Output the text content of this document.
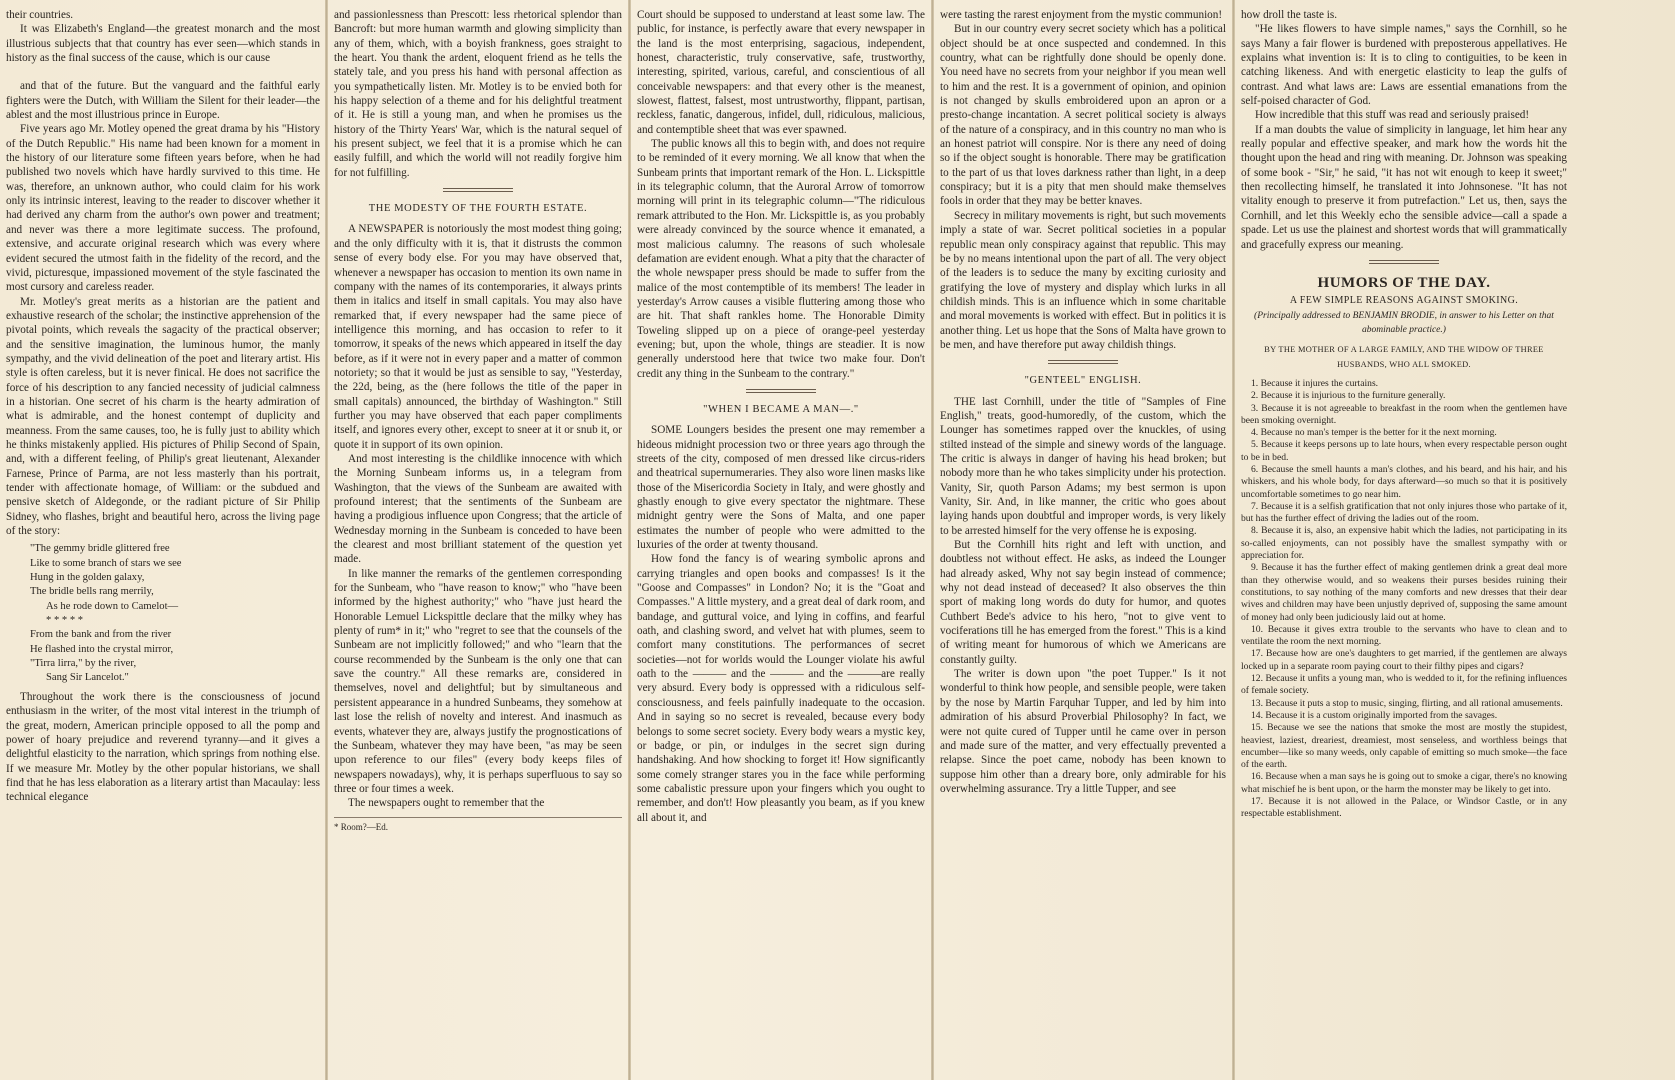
their countries.

It was Elizabeth's England—the greatest monarch and the most illustrious subjects that that country has ever seen—which stands in history as the final success of the cause, which is our cause

and that of the future. But the vanguard and the faithful early fighters were the Dutch, with William the Silent for their leader—the ablest and the most illustrious prince in Europe.

Five years ago Mr. Motley opened the great drama by his "History of the Dutch Republic." His name had been known for a moment in the history of our literature some fifteen years before, when he had published two novels which have hardly survived to this time. He was, therefore, an unknown author, who could claim for his work only its intrinsic interest, leaving to the reader to discover whether it had derived any charm from the author's own power and treatment; and never was there a more legitimate success. The profound, extensive, and accurate original research which was every where evident secured the utmost faith in the fidelity of the record, and the vivid, picturesque, impassioned movement of the style fascinated the most cursory and careless reader.

Mr. Motley's great merits as a historian are the patient and exhaustive research of the scholar; the instinctive apprehension of the pivotal points, which reveals the sagacity of the practical observer; and the sensitive imagination, the luminous humor, the manly sympathy, and the vivid delineation of the poet and literary artist. His style is often careless, but it is never finical. He does not sacrifice the force of his description to any fancied necessity of judicial calmness in a historian. One secret of his charm is the hearty admiration of what is admirable, and the honest contempt of duplicity and meanness. From the same causes, too, he is fully just to ability which he thinks mistakenly applied. His pictures of Philip Second of Spain, and, with a different feeling, of Philip's great lieutenant, Alexander Farnese, Prince of Parma, are not less masterly than his portrait, tender with affectionate homage, of William: or the subdued and pensive sketch of Aldegonde, or the radiant picture of Sir Philip Sidney, who flashes, bright and beautiful hero, across the living page of the story:

"The gemmy bridle glittered free
Like to some branch of stars we see
Hung in the golden galaxy,
The bridle bells rang merrily,
As he rode down to Camelot—
* * * * *
From the bank and from the river
He flashed into the crystal mirror,
"Tirra lirra," by the river,
Sang Sir Lancelot."

Throughout the work there is the consciousness of jocund enthusiasm in the writer, of the most vital interest in the triumph of the great, modern, American principle opposed to all the pomp and power of hoary prejudice and reverend tyranny—and it gives a delightful elasticity to the narration, which springs from nothing else. If we measure Mr. Motley by the other popular historians, we shall find that he has less elaboration as a literary artist than Macaulay: less technical elegance

and passionlessness than Prescott: less rhetorical splendor than Bancroft: but more human warmth and glowing simplicity than any of them, which, with a boyish frankness, goes straight to the heart. You thank the ardent, eloquent friend as he tells the stately tale, and you press his hand with personal affection as you sympathetically listen. Mr. Motley is to be envied both for his happy selection of a theme and for his delightful treatment of it. He is still a young man, and when he promises us the history of the Thirty Years' War, which is the natural sequel of his present subject, we feel that it is a promise which he can easily fulfill, and which the world will not readily forgive him for not fulfilling.

THE MODESTY OF THE FOURTH ESTATE.

A NEWSPAPER is notoriously the most modest thing going; and the only difficulty with it is, that it distrusts the common sense of every body else. For you may have observed that, whenever a newspaper has occasion to mention its own name in company with the names of its contemporaries, it always prints them in italics and itself in small capitals. You may also have remarked that, if every newspaper had the same piece of intelligence this morning, and has occasion to refer to it tomorrow, it speaks of the news which appeared in itself the day before, as if it were not in every paper and a matter of common notoriety; so that it would be just as sensible to say, "Yesterday, the 22d, being, as the (here follows the title of the paper in small capitals) announced, the birthday of Washington." Still further you may have observed that each paper compliments itself, and ignores every other, except to sneer at it or snub it, or quote it in support of its own opinion.

And most interesting is the childlike innocence with which the Morning Sunbeam informs us, in a telegram from Washington, that the views of the Sunbeam are awaited with profound interest; that the sentiments of the Sunbeam are having a prodigious influence upon Congress; that the article of Wednesday morning in the Sunbeam is conceded to have been the clearest and most brilliant statement of the question yet made.

In like manner the remarks of the gentlemen corresponding for the Sunbeam, who "have reason to know;" who "have been informed by the highest authority;" who "have just heard the Honorable Lemuel Lickspittle declare that the milky whey has plenty of rum* in it;" who "regret to see that the counsels of the Sunbeam are not implicitly followed;" and who "learn that the course recommended by the Sunbeam is the only one that can save the country." All these remarks are, considered in themselves, novel and delightful; but by simultaneous and persistent appearance in a hundred Sunbeams, they somehow at last lose the relish of novelty and interest. And inasmuch as events, whatever they are, always justify the prognostications of the Sunbeam, whatever they may have been, "as may be seen upon reference to our files" (every body keeps files of newspapers nowadays), why, it is perhaps superfluous to say so three or four times a week.

The newspapers ought to remember that the

* Room?—Ed.

Court should be supposed to understand at least some law. The public, for instance, is perfectly aware that every newspaper in the land is the most enterprising, sagacious, independent, honest, characteristic, truly conservative, safe, trustworthy, interesting, spirited, various, careful, and conscientious of all conceivable newspapers: and that every other is the meanest, slowest, flattest, falsest, most untrustworthy, flippant, partisan, reckless, fanatic, dangerous, infidel, dull, ridiculous, malicious, and contemptible sheet that was ever spawned.

The public knows all this to begin with, and does not require to be reminded of it every morning. We all know that when the Sunbeam prints that important remark of the Hon. L. Lickspittle in its telegraphic column, that the Auroral Arrow of tomorrow morning will print in its telegraphic column—"The ridiculous remark attributed to the Hon. Mr. Lickspittle is, as you probably were already convinced by the source whence it emanated, a most malicious calumny. The reasons of such wholesale defamation are evident enough. What a pity that the character of the whole newspaper press should be made to suffer from the malice of the most contemptible of its members! The leader in yesterday's Arrow causes a visible fluttering among those who are hit. That shaft rankles home. The Honorable Dimity Toweling slipped up on a piece of orange-peel yesterday evening; but, upon the whole, things are steadier. It is now generally understood here that twice two make four. Don't credit any thing in the Sunbeam to the contrary."

"WHEN I BECAME A MAN—."

SOME Loungers besides the present one may remember a hideous midnight procession two or three years ago through the streets of the city, composed of men dressed like circus-riders and theatrical supernumeraries. They also wore linen masks like those of the Misericordia Society in Italy, and were ghostly and ghastly enough to give every spectator the nightmare. These midnight gentry were the Sons of Malta, and one paper estimates the number of people who were admitted to the luxuries of the order at twenty thousand.

How fond the fancy is of wearing symbolic aprons and carrying triangles and open books and compasses! Is it the "Goose and Compasses" in London? No; it is the "Goat and Compasses." A little mystery, and a great deal of dark room, and bandage, and guttural voice, and lying in coffins, and fearful oath, and clashing sword, and velvet hat with plumes, seem to comfort many constitutions. The performances of secret societies—not for worlds would the Lounger violate his awful oath to the ——— and the ——— and the ———are really very absurd. Every body is oppressed with a ridiculous self-consciousness, and feels painfully inadequate to the occasion. And in saying so no secret is revealed, because every body belongs to some secret society. Every body wears a mystic key, or badge, or pin, or indulges in the secret sign during handshaking. And how shocking to forget it! How significantly some comely stranger stares you in the face while performing some cabalistic pressure upon your fingers which you ought to remember, and don't! How pleasantly you beam, as if you knew all about it, and

were tasting the rarest enjoyment from the mystic communion!

But in our country every secret society which has a political object should be at once suspected and condemned. In this country, what can be rightfully done should be openly done. You need have no secrets from your neighbor if you mean well to him and the rest. It is a government of opinion, and opinion is not changed by skulls embroidered upon an apron or a presto-change incantation. A secret political society is always of the nature of a conspiracy, and in this country no man who is an honest patriot will conspire. Nor is there any need of doing so if the object sought is honorable. There may be gratification to the part of us that loves darkness rather than light, in a deep conspiracy; but it is a pity that men should make themselves fools in order that they may be better knaves.

Secrecy in military movements is right, but such movements imply a state of war. Secret political societies in a popular republic mean only conspiracy against that republic. This may be by no means intentional upon the part of all. The very object of the leaders is to seduce the many by exciting curiosity and gratifying the love of mystery and display which lurks in all childish minds. This is an influence which in some charitable and moral movements is worked with effect. But in politics it is another thing. Let us hope that the Sons of Malta have grown to be men, and have therefore put away childish things.

"GENTEEL" ENGLISH.

THE last Cornhill, under the title of "Samples of Fine English," treats, good-humoredly, of the custom, which the Lounger has sometimes rapped over the knuckles, of using stilted instead of the simple and sinewy words of the language. The critic is always in danger of having his head broken; but nobody more than he who takes simplicity under his protection. Vanity, Sir, quoth Parson Adams; my best sermon is upon Vanity, Sir. And, in like manner, the critic who goes about laying hands upon doubtful and improper words, is very likely to be arrested himself for the very offense he is exposing.

But the Cornhill hits right and left with unction, and doubtless not without effect. He asks, as indeed the Lounger had already asked, Why not say begin instead of commence; why not dead instead of deceased? It also observes the thin sport of making long words do duty for humor, and quotes Cuthbert Bede's advice to his hero, "not to give vent to vociferations till he has emerged from the forest." This is a kind of writing meant for humorous of which we Americans are constantly guilty.

The writer is down upon "the poet Tupper." Is it not wonderful to think how people, and sensible people, were taken by the nose by Martin Farquhar Tupper, and led by him into admiration of his absurd Proverbial Philosophy? In fact, we were not quite cured of Tupper until he came over in person and made sure of the matter, and very effectually prevented a relapse. Since the poet came, nobody has been known to suppose him other than a dreary bore, only admirable for his overwhelming assurance. Try a little Tupper, and see

how droll the taste is.

"He likes flowers to have simple names," says the Cornhill, so he says Many a fair flower is burdened with preposterous appellatives. He explains what invention is: It is to cling to contiguities, to be keen in catching likeness. And with energetic elasticity to leap the gulfs of contrast. And what laws are: Laws are essential emanations from the self-poised character of God.

How incredible that this stuff was read and seriously praised!

If a man doubts the value of simplicity in language, let him hear any really popular and effective speaker, and mark how the words hit the thought upon the head and ring with meaning. Dr. Johnson was speaking of some book - "Sir," he said, "it has not wit enough to keep it sweet;" then recollecting himself, he translated it into Johnsonese. "It has not vitality enough to preserve it from putrefaction." Let us, then, says the Cornhill, and let this Weekly echo the sensible advice—call a spade a spade. Let us use the plainest and shortest words that will grammatically and gracefully express our meaning.

HUMORS OF THE DAY.
A FEW SIMPLE REASONS AGAINST SMOKING.
(Principally addressed to BENJAMIN BRODIE, in answer to his Letter on that abominable practice.)
BY THE MOTHER OF A LARGE FAMILY, AND THE WIDOW OF THREE HUSBANDS, WHO ALL SMOKED.

1. Because it injures the curtains.

2. Because it is injurious to the furniture generally.

3. Because it is not agreeable to breakfast in the room when the gentlemen have been smoking overnight.

4. Because no man's temper is the better for it the next morning.

5. Because it keeps persons up to late hours, when every respectable person ought to be in bed.

6. Because the smell haunts a man's clothes, and his beard, and his hair, and his whiskers, and his whole body, for days afterward—so much so that it is positively uncomfortable sometimes to go near him.

7. Because it is a selfish gratification that not only injures those who partake of it, but has the further effect of driving the ladies out of the room.

8. Because it is, also, an expensive habit which the ladies, not participating in its so-called enjoyments, can not possibly have the smallest sympathy with or appreciation for.

9. Because it has the further effect of making gentlemen drink a great deal more than they otherwise would, and so weakens their purses besides ruining their constitutions, to say nothing of the many comforts and new dresses that their dear wives and children may have been unjustly deprived of, supposing the same amount of money had only been judiciously laid out at home.

10. Because it gives extra trouble to the servants who have to clean and to ventilate the room the next morning.

17. Because how are one's daughters to get married, if the gentlemen are always locked up in a separate room paying court to their filthy pipes and cigars?

12. Because it unfits a young man, who is wedded to it, for the refining influences of female society.

13. Because it puts a stop to music, singing, flirting, and all rational amusements.

14. Because it is a custom originally imported from the savages.

15. Because we see the nations that smoke the most are mostly the stupidest, heaviest, laziest, dreariest, dreamiest, most senseless, and worthless beings that encumber—like so many weeds, only capable of emitting so much smoke—the face of the earth.

16. Because when a man says he is going out to smoke a cigar, there's no knowing what mischief he is bent upon, or the harm the monster may be likely to get into.

17. Because it is not allowed in the Palace, or Windsor Castle, or in any respectable establishment.
